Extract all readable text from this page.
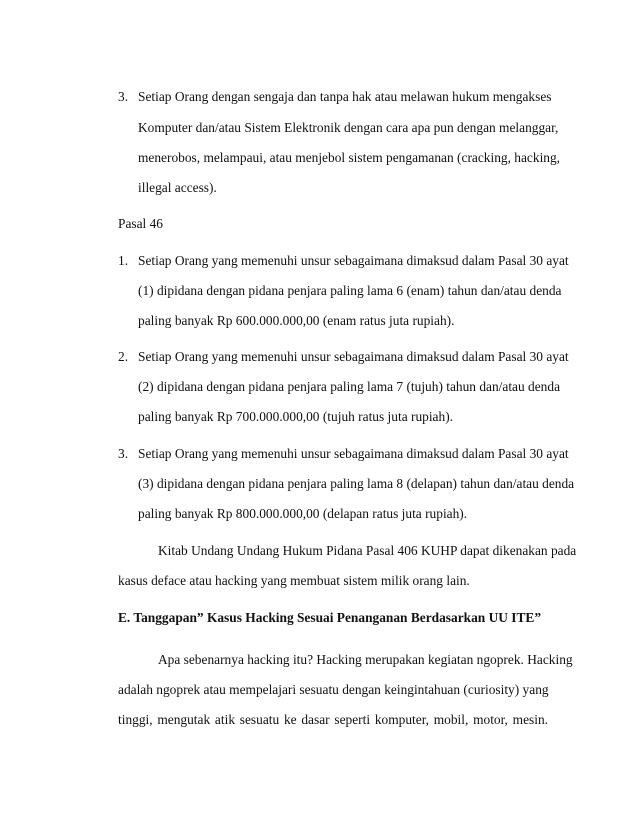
3. Setiap Orang dengan sengaja dan tanpa hak atau melawan hukum mengakses
Komputer dan/atau Sistem Elektronik dengan cara apa pun dengan melanggar,
menerobos, melampaui, atau menjebol sistem pengamanan (cracking, hacking,
illegal access).
Pasal 46
1. Setiap Orang yang memenuhi unsur sebagaimana dimaksud dalam Pasal 30 ayat
(1) dipidana dengan pidana penjara paling lama 6 (enam) tahun dan/atau denda
paling banyak Rp 600.000.000,00 (enam ratus juta rupiah).
2. Setiap Orang yang memenuhi unsur sebagaimana dimaksud dalam Pasal 30 ayat
(2) dipidana dengan pidana penjara paling lama 7 (tujuh) tahun dan/atau denda
paling banyak Rp 700.000.000,00 (tujuh ratus juta rupiah).
3. Setiap Orang yang memenuhi unsur sebagaimana dimaksud dalam Pasal 30 ayat
(3) dipidana dengan pidana penjara paling lama 8 (delapan) tahun dan/atau denda
paling banyak Rp 800.000.000,00 (delapan ratus juta rupiah).
Kitab Undang Undang Hukum Pidana Pasal 406 KUHP dapat dikenakan pada
kasus deface atau hacking yang membuat sistem milik orang lain.
E. Tanggapan” Kasus Hacking Sesuai Penanganan Berdasarkan UU ITE”
Apa sebenarnya hacking itu? Hacking merupakan kegiatan ngoprek. Hacking
adalah ngoprek atau mempelajari sesuatu dengan keingintahuan (curiosity) yang
tinggi, mengutak atik sesuatu ke dasar seperti komputer, mobil, motor, mesin.
